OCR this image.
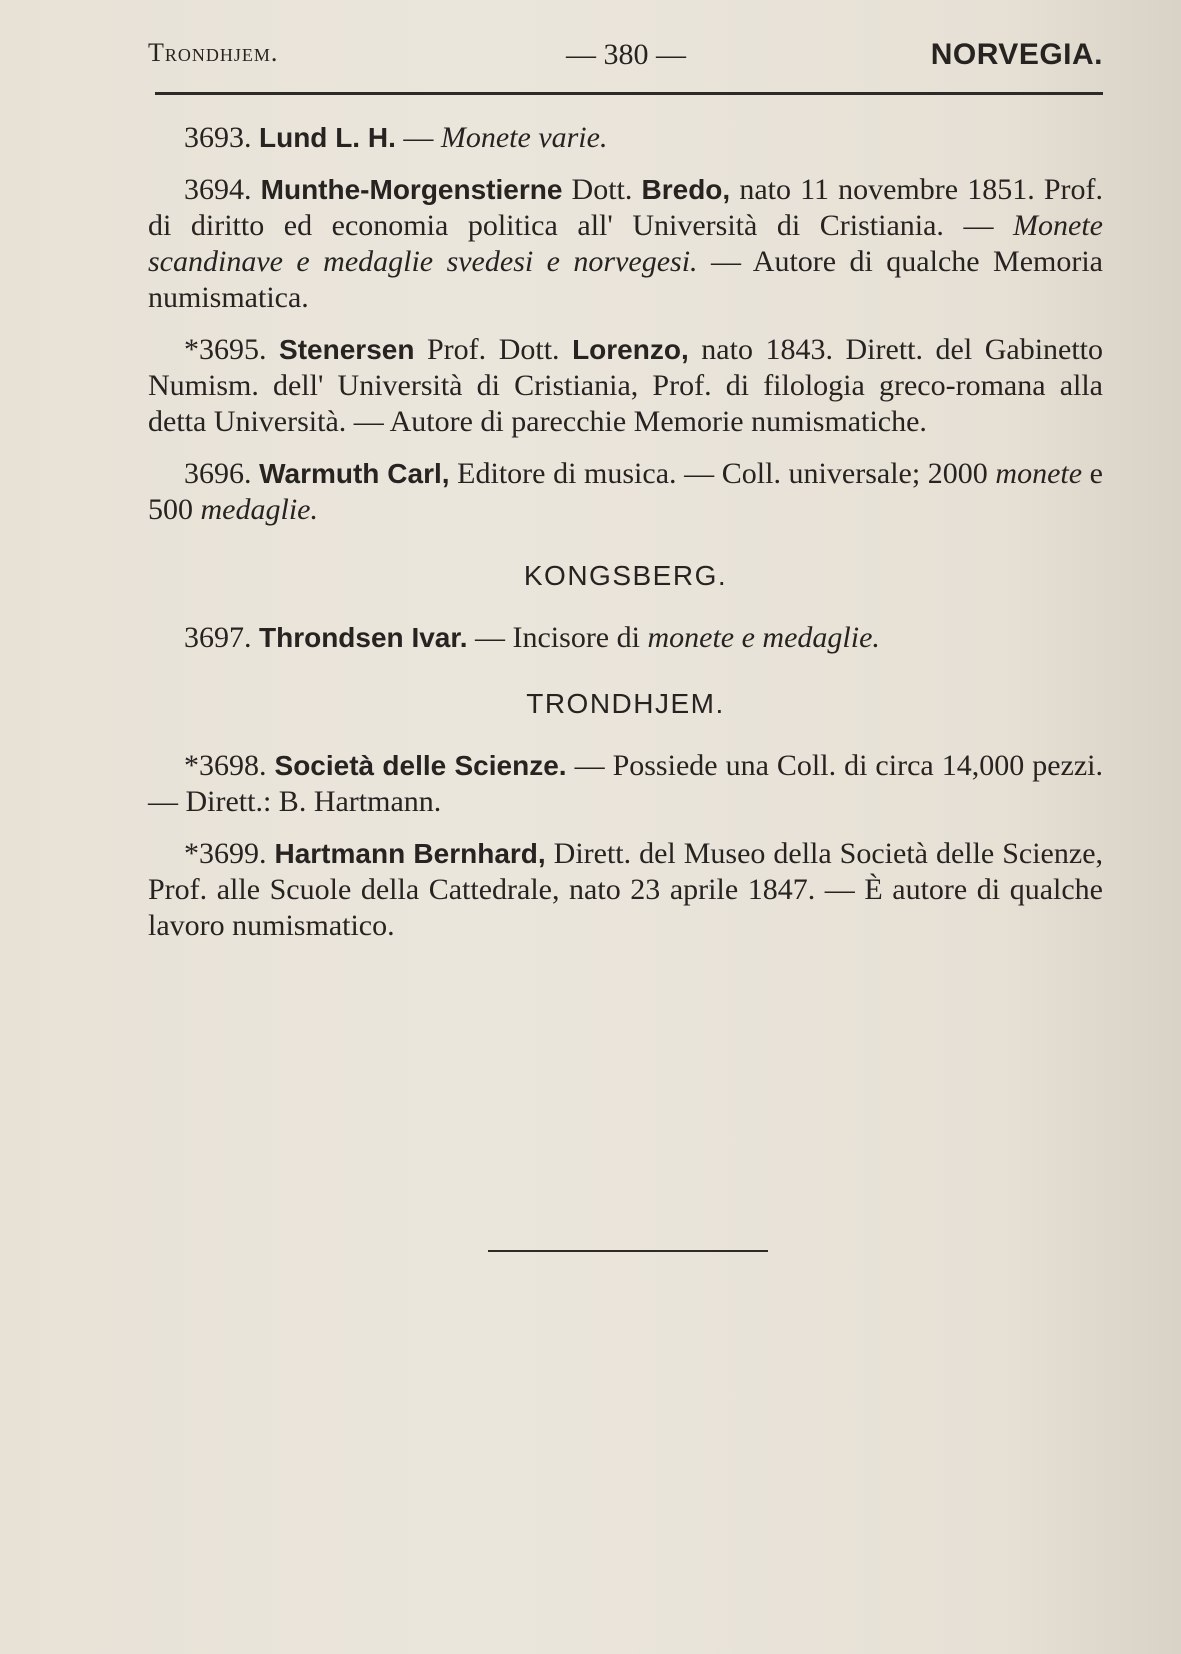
Trondhjem.	— 380 —	NORVEGIA.

3693. Lund L. H. — Monete varie.

3694. Munthe-Morgenstierne Dott. Bredo, nato 11 novembre 1851. Prof. di diritto ed economia politica all' Università di Cristiania. — Monete scandinave e medaglie svedesi e norvegesi. — Autore di qualche Memoria numismatica.

*3695. Stenersen Prof. Dott. Lorenzo, nato 1843. Dirett. del Gabinetto Numism. dell' Università di Cristiania, Prof. di filologia greco-romana alla detta Università. — Autore di parecchie Memorie numismatiche.

3696. Warmuth Carl, Editore di musica. — Coll. universale; 2000 monete e 500 medaglie.

KONGSBERG.

3697. Throndsen Ivar. — Incisore di monete e medaglie.

TRONDHJEM.

*3698. Società delle Scienze. — Possiede una Coll. di circa 14,000 pezzi. — Dirett.: B. Hartmann.

*3699. Hartmann Bernhard, Dirett. del Museo della Società delle Scienze, Prof. alle Scuole della Cattedrale, nato 23 aprile 1847. — È autore di qualche lavoro numismatico.
